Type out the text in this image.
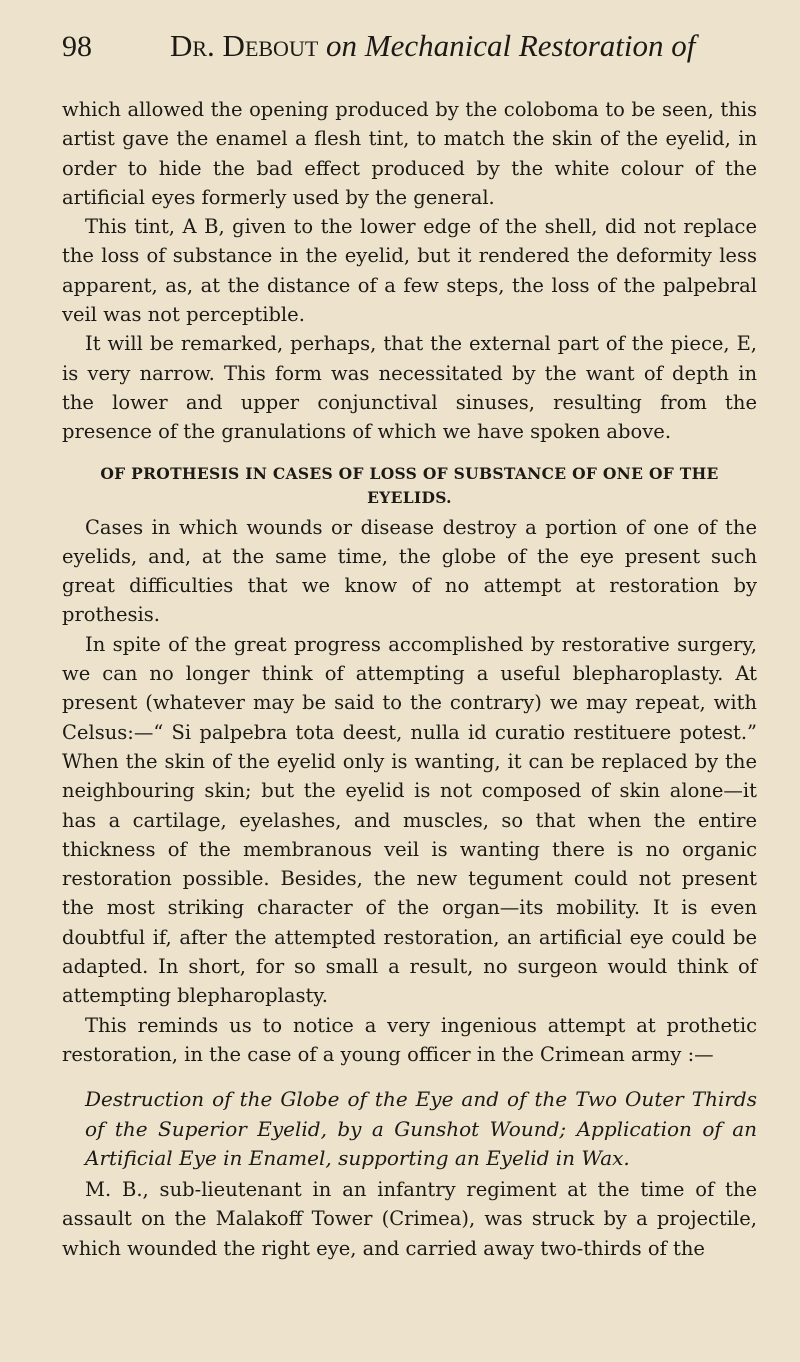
98	Dr. Debout on Mechanical Restoration of

which allowed the opening produced by the coloboma to be seen, this artist gave the enamel a flesh tint, to match the skin of the eyelid, in order to hide the bad effect produced by the white colour of the artificial eyes formerly used by the general.

This tint, A B, given to the lower edge of the shell, did not replace the loss of substance in the eyelid, but it rendered the deformity less apparent, as, at the distance of a few steps, the loss of the palpebral veil was not perceptible.

It will be remarked, perhaps, that the external part of the piece, E, is very narrow. This form was necessitated by the want of depth in the lower and upper conjunctival sinuses, resulting from the presence of the granulations of which we have spoken above.

OF PROTHESIS IN CASES OF LOSS OF SUBSTANCE OF ONE OF THE EYELIDS.

Cases in which wounds or disease destroy a portion of one of the eyelids, and, at the same time, the globe of the eye present such great difficulties that we know of no attempt at restoration by prothesis.

In spite of the great progress accomplished by restorative surgery, we can no longer think of attempting a useful blepharoplasty. At present (whatever may be said to the contrary) we may repeat, with Celsus:—“ Si palpebra tota deest, nulla id curatio restituere potest.” When the skin of the eyelid only is wanting, it can be replaced by the neighbouring skin; but the eyelid is not composed of skin alone—it has a cartilage, eyelashes, and muscles, so that when the entire thickness of the membranous veil is wanting there is no organic restoration possible. Besides, the new tegument could not present the most striking character of the organ—its mobility. It is even doubtful if, after the attempted restoration, an artificial eye could be adapted. In short, for so small a result, no surgeon would think of attempting blepharoplasty.

This reminds us to notice a very ingenious attempt at prothetic restoration, in the case of a young officer in the Crimean army :—

Destruction of the Globe of the Eye and of the Two Outer Thirds of the Superior Eyelid, by a Gunshot Wound; Application of an Artificial Eye in Enamel, supporting an Eyelid in Wax.

M. B., sub-lieutenant in an infantry regiment at the time of the assault on the Malakoff Tower (Crimea), was struck by a projectile, which wounded the right eye, and carried away two-thirds of the
